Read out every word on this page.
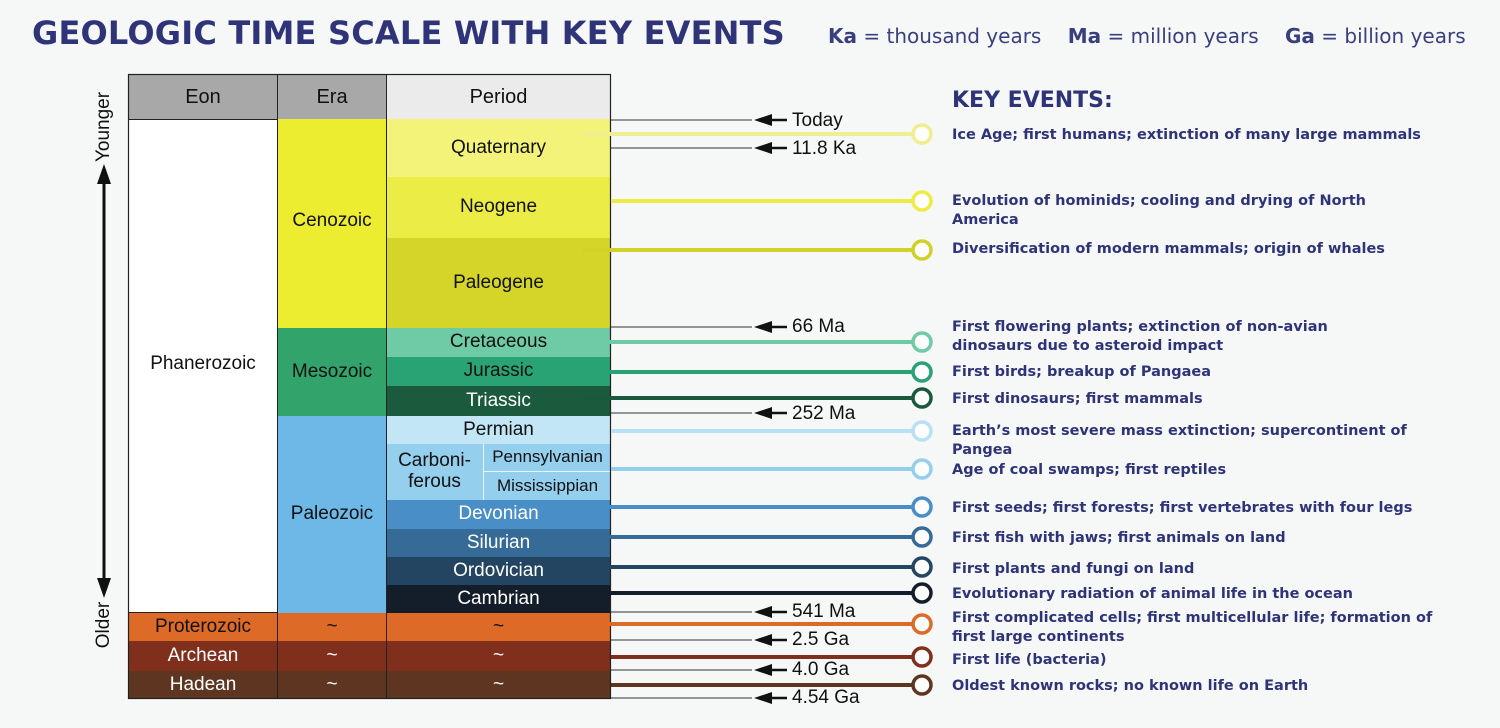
GEOLOGIC TIME SCALE WITH KEY EVENTS Ka = thousand years Ma = million years Ga = billion years
Younger
Older
Eon	Era	Period
Phanerozoic
Proterozoic
Archean
Hadean
Cenozoic
Mesozoic
Paleozoic
~
~
~
Quaternary
Neogene
Paleogene
Cretaceous
Jurassic
Triassic
Permian
Carboni-
ferous
Pennsylvanian
Mississippian
Devonian
Silurian
Ordovician
Cambrian
~
~
~
Today
11.8 Ka
66 Ma
252 Ma
541 Ma
2.5 Ga
4.0 Ga
4.54 Ga
KEY EVENTS:
Ice Age; first humans; extinction of many large mammals
Evolution of hominids; cooling and drying of North America
Diversification of modern mammals; origin of whales
First flowering plants; extinction of non-avian dinosaurs due to asteroid impact
First birds; breakup of Pangaea
First dinosaurs; first mammals
Earth’s most severe mass extinction; supercontinent of Pangea
Age of coal swamps; first reptiles
First seeds; first forests; first vertebrates with four legs
First fish with jaws; first animals on land
First plants and fungi on land
Evolutionary radiation of animal life in the ocean
First complicated cells; first multicellular life; formation of first large continents
First life (bacteria)
Oldest known rocks; no known life on Earth
